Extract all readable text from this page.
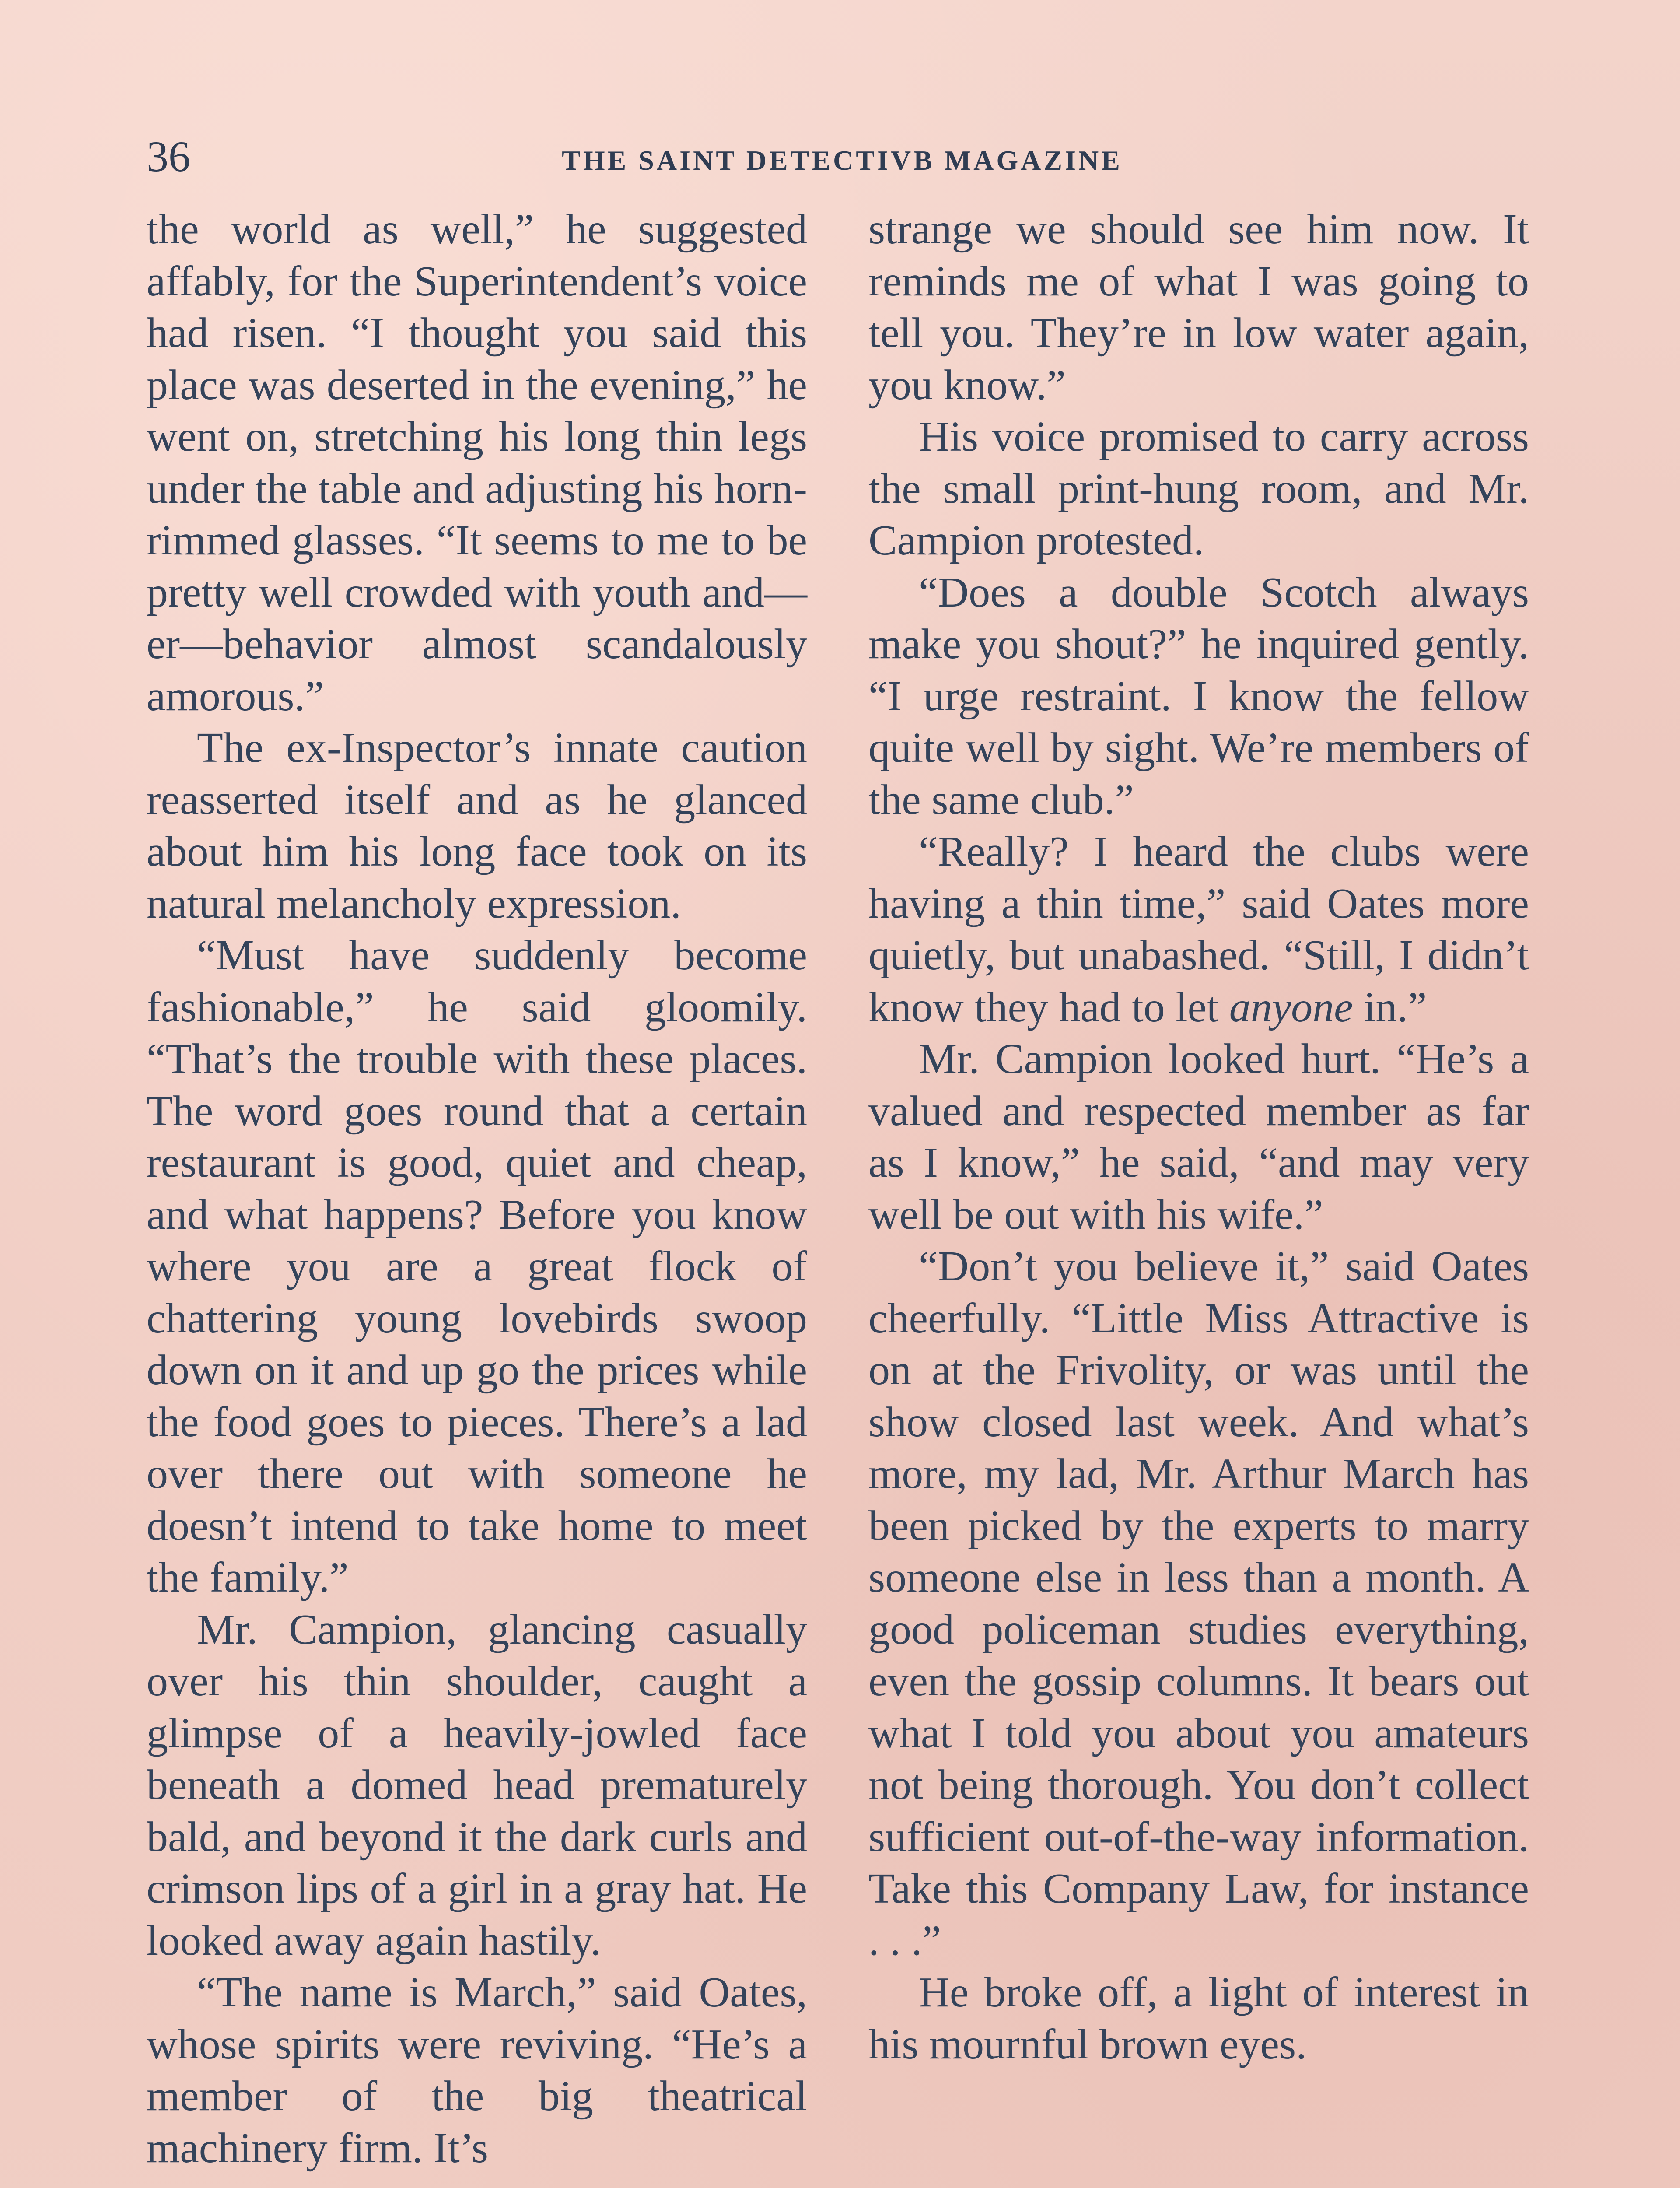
36	THE SAINT DETECTIVB MAGAZINE

the world as well,” he suggested affably, for the Superintendent’s voice had risen. “I thought you said this place was deserted in the evening,” he went on, stretching his long thin legs under the table and adjusting his horn-rimmed glasses. “It seems to me to be pretty well crowded with youth and—er—behavior almost scandalously amorous.”

The ex-Inspector’s innate caution reasserted itself and as he glanced about him his long face took on its natural melancholy expression.

“Must have suddenly become fashionable,” he said gloomily. “That’s the trouble with these places. The word goes round that a certain restaurant is good, quiet and cheap, and what happens? Before you know where you are a great flock of chattering young lovebirds swoop down on it and up go the prices while the food goes to pieces. There’s a lad over there out with someone he doesn’t intend to take home to meet the family.”

Mr. Campion, glancing casually over his thin shoulder, caught a glimpse of a heavily-jowled face beneath a domed head prematurely bald, and beyond it the dark curls and crimson lips of a girl in a gray hat. He looked away again hastily.

“The name is March,” said Oates, whose spirits were reviving. “He’s a member of the big theatrical machinery firm. It’s

strange we should see him now. It reminds me of what I was going to tell you. They’re in low water again, you know.”

His voice promised to carry across the small print-hung room, and Mr. Campion protested.

“Does a double Scotch always make you shout?” he inquired gently. “I urge restraint. I know the fellow quite well by sight. We’re members of the same club.”

“Really? I heard the clubs were having a thin time,” said Oates more quietly, but unabashed. “Still, I didn’t know they had to let anyone in.”

Mr. Campion looked hurt. “He’s a valued and respected member as far as I know,” he said, “and may very well be out with his wife.”

“Don’t you believe it,” said Oates cheerfully. “Little Miss Attractive is on at the Frivolity, or was until the show closed last week. And what’s more, my lad, Mr. Arthur March has been picked by the experts to marry someone else in less than a month. A good policeman studies everything, even the gossip columns. It bears out what I told you about you amateurs not being thorough. You don’t collect sufficient out-of-the-way information. Take this Company Law, for instance . . .”

He broke off, a light of interest in his mournful brown eyes.
